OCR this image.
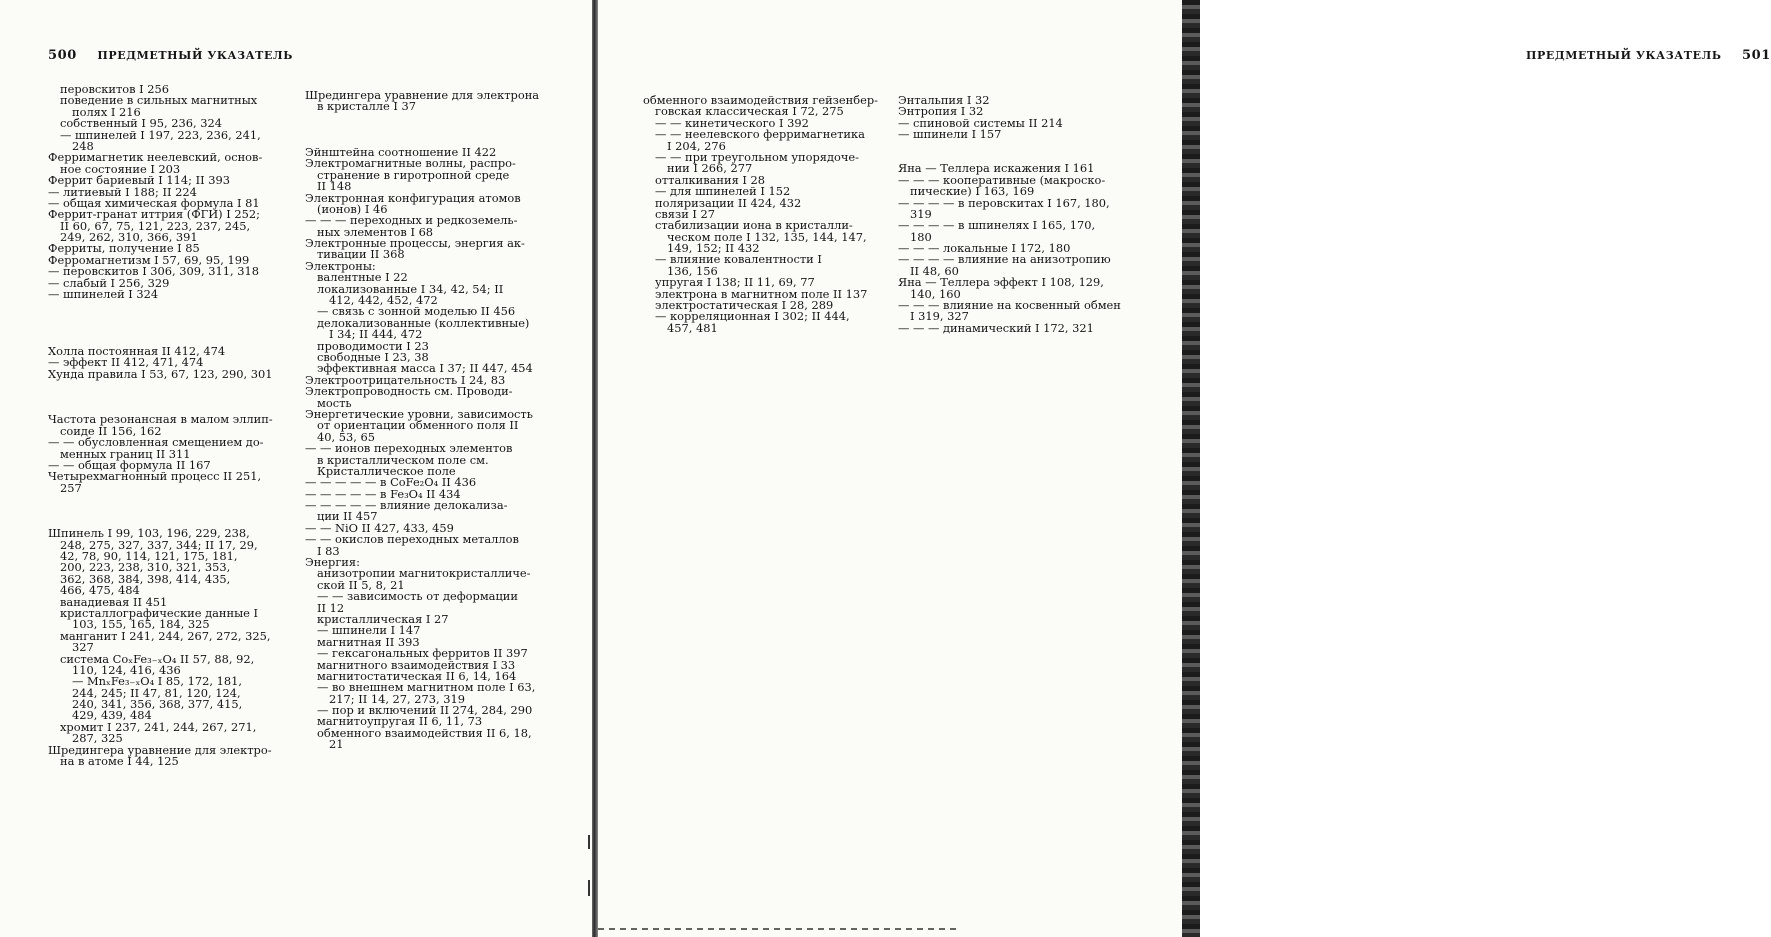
500 ПРЕДМЕТНЫЙ УКАЗАТЕЛЬ
перовскитов I 256
поведение в сильных магнитных
полях I 216
собственный I 95, 236, 324
— шпинелей I 197, 223, 236, 241,
248
Ферримагнетик неелевский, основ-
ное состояние I 203
Феррит бариевый I 114; II 393
— литиевый I 188; II 224
— общая химическая формула I 81
Феррит-гранат иттрия (ФГИ) I 252;
II 60, 67, 75, 121, 223, 237, 245,
249, 262, 310, 366, 391
Ферриты, получение I 85
Ферромагнетизм I 57, 69, 95, 199
— перовскитов I 306, 309, 311, 318
— слабый I 256, 329
— шпинелей I 324
Холла постоянная II 412, 474
— эффект II 412, 471, 474
Хунда правила I 53, 67, 123, 290, 301
Частота резонансная в малом эллип-
соиде II 156, 162
— — обусловленная смещением до-
менных границ II 311
— — общая формула II 167
Четырехмагнонный процесс II 251,
257
Шпинель I 99, 103, 196, 229, 238,
248, 275, 327, 337, 344; II 17, 29,
42, 78, 90, 114, 121, 175, 181,
200, 223, 238, 310, 321, 353,
362, 368, 384, 398, 414, 435,
466, 475, 484
ванадиевая II 451
кристаллографические данные I
103, 155, 165, 184, 325
манганит I 241, 244, 267, 272, 325,
327
система CoₓFe₃₋ₓO₄ II 57, 88, 92,
110, 124, 416, 436
— MnₓFe₃₋ₓO₄ I 85, 172, 181,
244, 245; II 47, 81, 120, 124,
240, 341, 356, 368, 377, 415,
429, 439, 484
хромит I 237, 241, 244, 267, 271,
287, 325
Шредингера уравнение для электро-
на в атоме I 44, 125
Шредингера уравнение для электрона
в кристалле I 37
Эйнштейна соотношение II 422
Электромагнитные волны, распро-
странение в гиротропной среде
II 148
Электронная конфигурация атомов
(ионов) I 46
— — — переходных и редкоземель-
ных элементов I 68
Электронные процессы, энергия ак-
тивации II 368
Электроны:
валентные I 22
локализованные I 34, 42, 54; II
412, 442, 452, 472
— связь с зонной моделью II 456
делокализованные (коллективные)
I 34; II 444, 472
проводимости I 23
свободные I 23, 38
эффективная масса I 37; II 447, 454
Электроотрицательность I 24, 83
Электропроводность см. Проводи-
мость
Энергетические уровни, зависимость
от ориентации обменного поля II
40, 53, 65
— — ионов переходных элементов
в кристаллическом поле см.
Кристаллическое поле
— — — — — в CoFe₂O₄ II 436
— — — — — в Fe₃O₄ II 434
— — — — — влияние делокализа-
ции II 457
— — NiO II 427, 433, 459
— — окислов переходных металлов
I 83
Энергия:
анизотропии магнитокристалличе-
ской II 5, 8, 21
— — зависимость от деформации
II 12
кристаллическая I 27
— шпинели I 147
магнитная II 393
— гексагональных ферритов II 397
магнитного взаимодействия I 33
магнитостатическая II 6, 14, 164
— во внешнем магнитном поле I 63,
217; II 14, 27, 273, 319
— пор и включений II 274, 284, 290
магнитоупругая II 6, 11, 73
обменного взаимодействия II 6, 18,
21
ПРЕДМЕТНЫЙ УКАЗАТЕЛЬ 501
обменного взаимодействия гейзенбер-
говская классическая I 72, 275
— — кинетического I 392
— — неелевского ферримагнетика
I 204, 276
— — при треугольном упорядоче-
нии I 266, 277
отталкивания I 28
— для шпинелей I 152
поляризации II 424, 432
связи I 27
стабилизации иона в кристалли-
ческом поле I 132, 135, 144, 147,
149, 152; II 432
— влияние ковалентности I
136, 156
упругая I 138; II 11, 69, 77
электрона в магнитном поле II 137
электростатическая I 28, 289
— корреляционная I 302; II 444,
457, 481
Энтальпия I 32
Энтропия I 32
— спиновой системы II 214
— шпинели I 157
Яна — Теллера искажения I 161
— — — кооперативные (макроско-
пические) I 163, 169
— — — — в перовскитах I 167, 180,
319
— — — — в шпинелях I 165, 170,
180
— — — локальные I 172, 180
— — — — влияние на анизотропию
II 48, 60
Яна — Теллера эффект I 108, 129,
140, 160
— — — влияние на косвенный обмен
I 319, 327
— — — динамический I 172, 321
